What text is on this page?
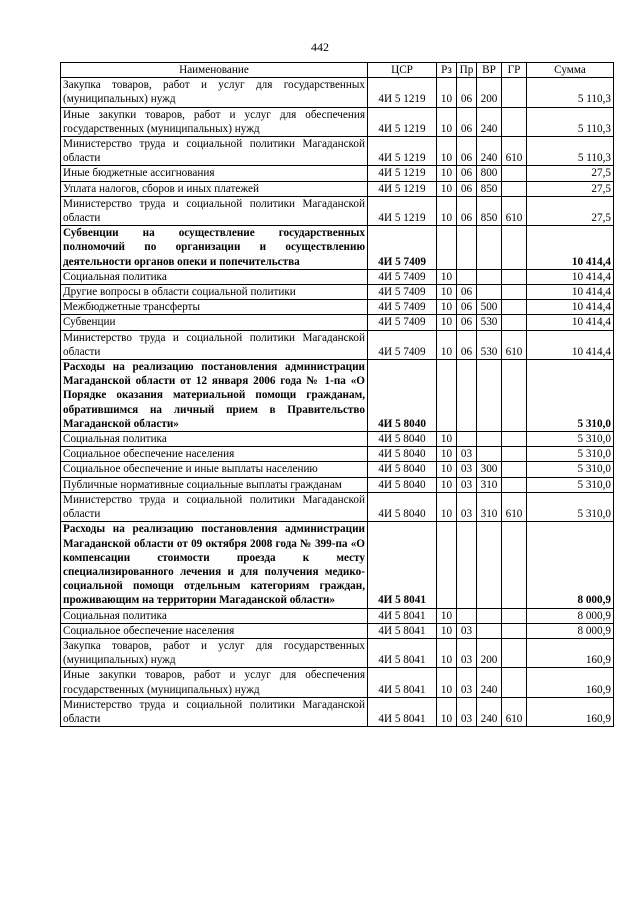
442
Наименование	ЦСР	Рз	Пр	ВР	ГР	Сумма
Закупка товаров, работ и услуг для государственных (муниципальных) нужд	4И 5 1219	10	06	200		5 110,3
Иные закупки товаров, работ и услуг для обеспечения государственных (муниципальных) нужд	4И 5 1219	10	06	240		5 110,3
Министерство труда и социальной политики Магаданской области	4И 5 1219	10	06	240	610	5 110,3
Иные бюджетные ассигнования	4И 5 1219	10	06	800		27,5
Уплата налогов, сборов и иных платежей	4И 5 1219	10	06	850		27,5
Министерство труда и социальной политики Магаданской области	4И 5 1219	10	06	850	610	27,5
Субвенции на осуществление государственных полномочий по организации и осуществлению деятельности органов опеки и попечительства	4И 5 7409					10 414,4
Социальная политика	4И 5 7409	10				10 414,4
Другие вопросы в области социальной политики	4И 5 7409	10	06			10 414,4
Межбюджетные трансферты	4И 5 7409	10	06	500		10 414,4
Субвенции	4И 5 7409	10	06	530		10 414,4
Министерство труда и социальной политики Магаданской области	4И 5 7409	10	06	530	610	10 414,4
Расходы на реализацию постановления администрации Магаданской области от 12 января 2006 года № 1-па «О Порядке оказания материальной помощи гражданам, обратившимся на личный прием в Правительство Магаданской области»	4И 5 8040					5 310,0
Социальная политика	4И 5 8040	10				5 310,0
Социальное обеспечение населения	4И 5 8040	10	03			5 310,0
Социальное обеспечение и иные выплаты населению	4И 5 8040	10	03	300		5 310,0
Публичные нормативные социальные выплаты гражданам	4И 5 8040	10	03	310		5 310,0
Министерство труда и социальной политики Магаданской области	4И 5 8040	10	03	310	610	5 310,0
Расходы на реализацию постановления администрации Магаданской области от 09 октября 2008 года № 399-па «О компенсации стоимости проезда к месту специализированного лечения и для получения медико-социальной помощи отдельным категориям граждан, проживающим на территории Магаданской области»	4И 5 8041					8 000,9
Социальная политика	4И 5 8041	10				8 000,9
Социальное обеспечение населения	4И 5 8041	10	03			8 000,9
Закупка товаров, работ и услуг для государственных (муниципальных) нужд	4И 5 8041	10	03	200		160,9
Иные закупки товаров, работ и услуг для обеспечения государственных (муниципальных) нужд	4И 5 8041	10	03	240		160,9
Министерство труда и социальной политики Магаданской области	4И 5 8041	10	03	240	610	160,9
